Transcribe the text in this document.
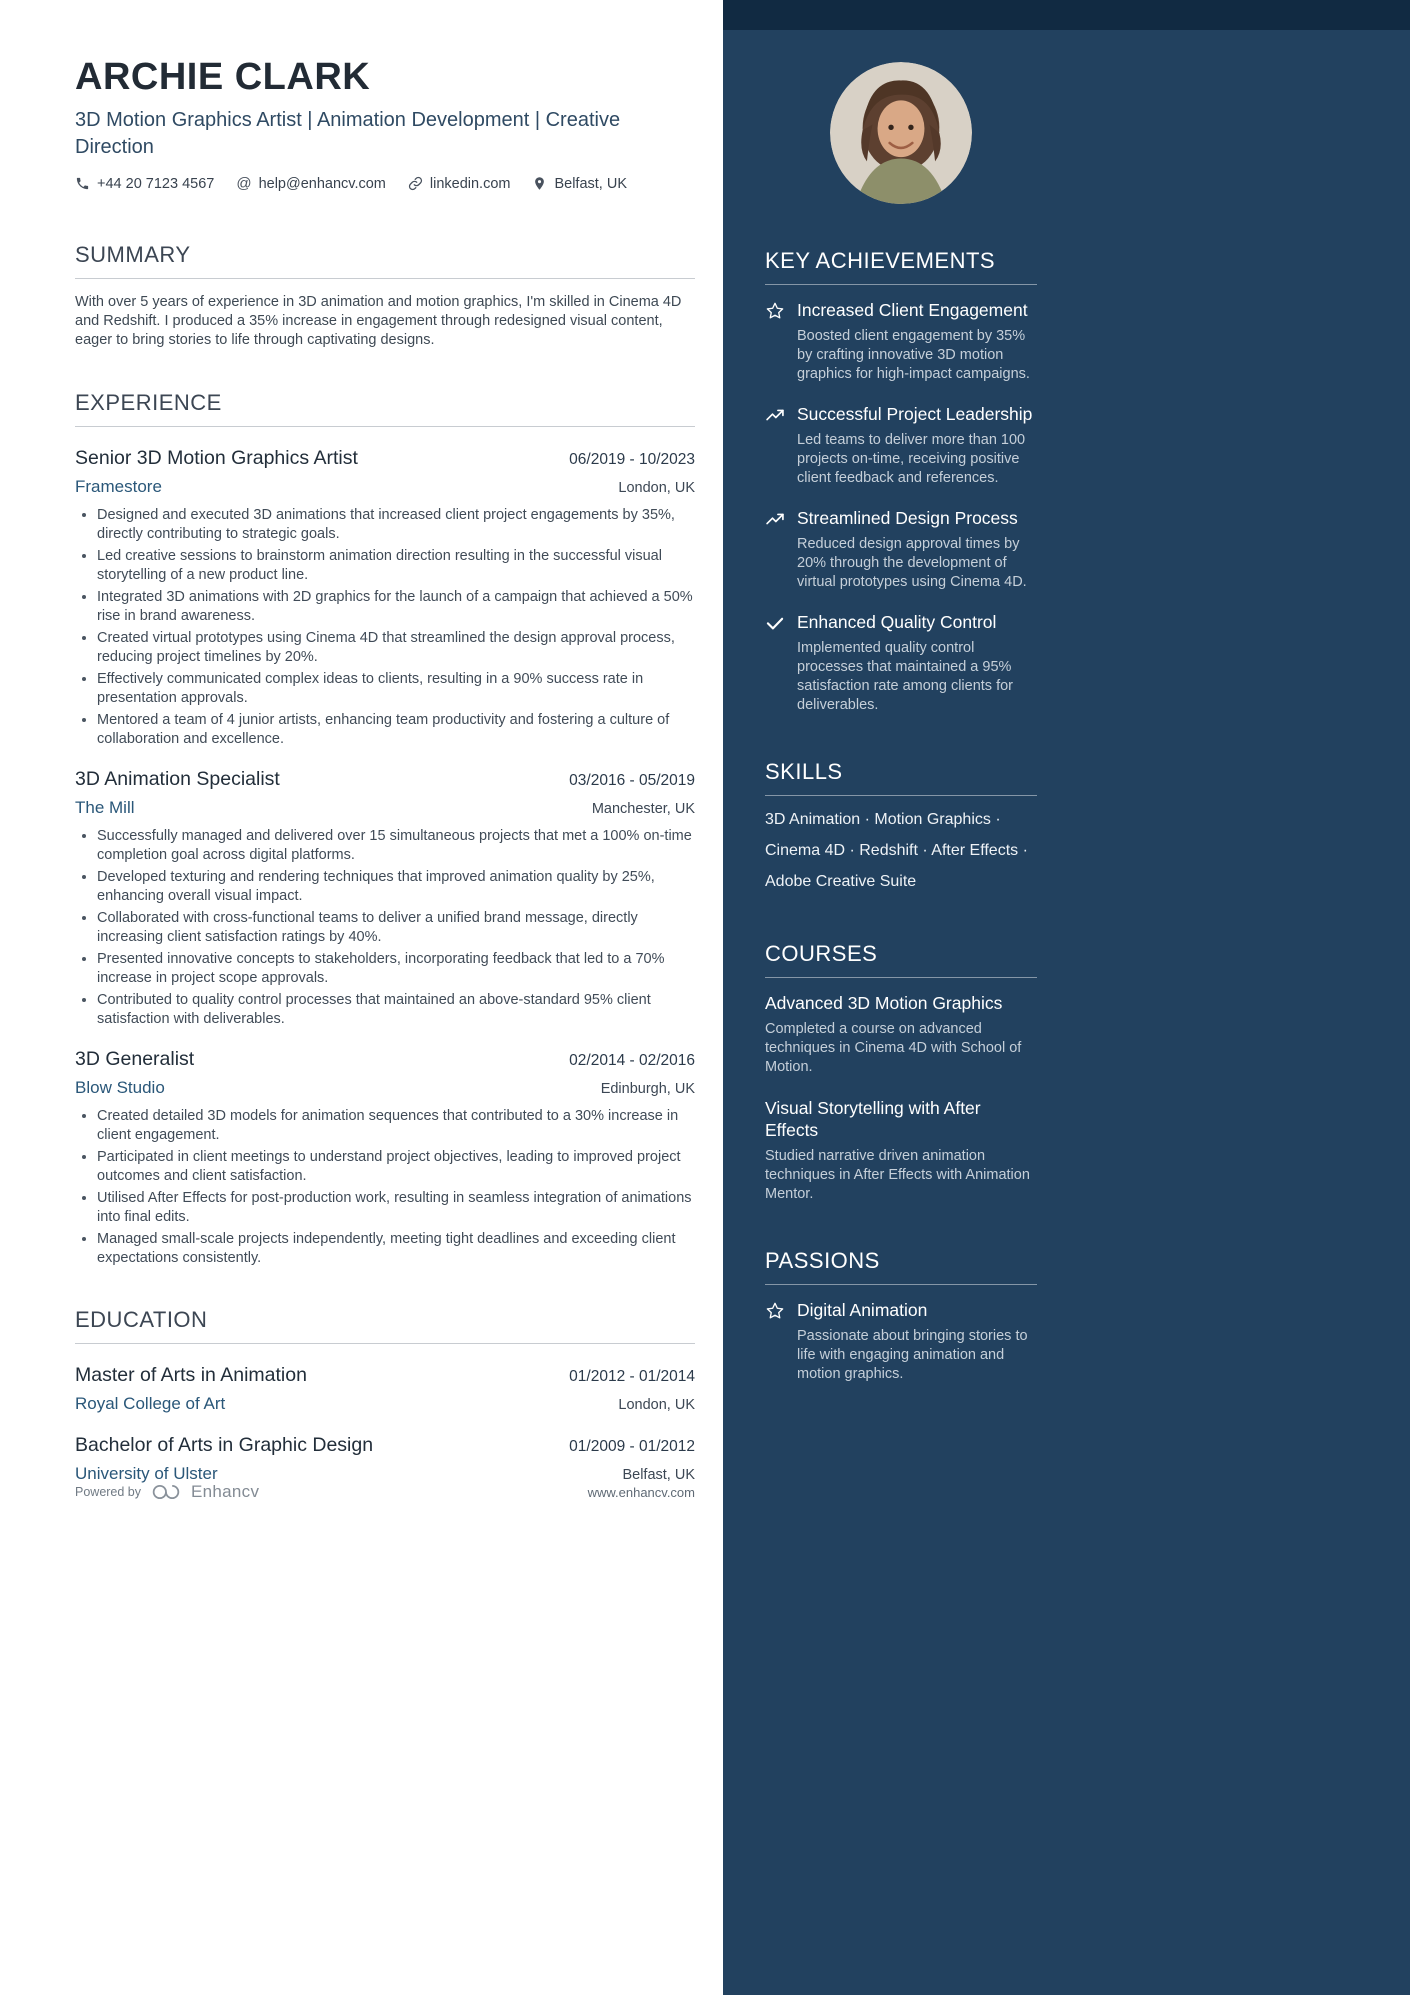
KEY ACHIEVEMENTS
Increased Client Engagement
Boosted client engagement by 35% by crafting innovative 3D motion graphics for high-impact campaigns.
Successful Project Leadership
Led teams to deliver more than 100 projects on-time, receiving positive client feedback and references.
Streamlined Design Process
Reduced design approval times by 20% through the development of virtual prototypes using Cinema 4D.
Enhanced Quality Control
Implemented quality control processes that maintained a 95% satisfaction rate among clients for deliverables.
SKILLS

3D Animation · Motion Graphics · Cinema 4D · Redshift · After Effects · Adobe Creative Suite

COURSES
Advanced 3D Motion Graphics
Completed a course on advanced techniques in Cinema 4D with School of Motion.
Visual Storytelling with After Effects
Studied narrative driven animation techniques in After Effects with Animation Mentor.
PASSIONS
Digital Animation
Passionate about bringing stories to life with engaging animation and motion graphics.
ARCHIE CLARK
3D Motion Graphics Artist | Animation Development | Creative Direction
+44 20 7123 4567 @ help@enhancv.com	linkedin.com	Belfast, UK
SUMMARY

With over 5 years of experience in 3D animation and motion graphics, I'm skilled in Cinema 4D and Redshift. I produced a 35% increase in engagement through redesigned visual content, eager to bring stories to life through captivating designs.

EXPERIENCE
Senior 3D Motion Graphics Artist	06/2019 - 10/2023
Framestore	London, UK
• Designed and executed 3D animations that increased client project engagements by 35%, directly contributing to strategic goals.
• Led creative sessions to brainstorm animation direction resulting in the successful visual storytelling of a new product line.
• Integrated 3D animations with 2D graphics for the launch of a campaign that achieved a 50% rise in brand awareness.
• Created virtual prototypes using Cinema 4D that streamlined the design approval process, reducing project timelines by 20%.
• Effectively communicated complex ideas to clients, resulting in a 90% success rate in presentation approvals.
• Mentored a team of 4 junior artists, enhancing team productivity and fostering a culture of collaboration and excellence.
3D Animation Specialist	03/2016 - 05/2019
The Mill	Manchester, UK
• Successfully managed and delivered over 15 simultaneous projects that met a 100% on-time completion goal across digital platforms.
• Developed texturing and rendering techniques that improved animation quality by 25%, enhancing overall visual impact.
• Collaborated with cross-functional teams to deliver a unified brand message, directly increasing client satisfaction ratings by 40%.
• Presented innovative concepts to stakeholders, incorporating feedback that led to a 70% increase in project scope approvals.
• Contributed to quality control processes that maintained an above-standard 95% client satisfaction with deliverables.
3D Generalist	02/2014 - 02/2016
Blow Studio	Edinburgh, UK
• Created detailed 3D models for animation sequences that contributed to a 30% increase in client engagement.
• Participated in client meetings to understand project objectives, leading to improved project outcomes and client satisfaction.
• Utilised After Effects for post-production work, resulting in seamless integration of animations into final edits.
• Managed small-scale projects independently, meeting tight deadlines and exceeding client expectations consistently.
EDUCATION
Master of Arts in Animation	01/2012 - 01/2014
Royal College of Art	London, UK
Bachelor of Arts in Graphic Design	01/2009 - 01/2012
University of Ulster	Belfast, UK
Powered by	Enhancv	www.enhancv.com
